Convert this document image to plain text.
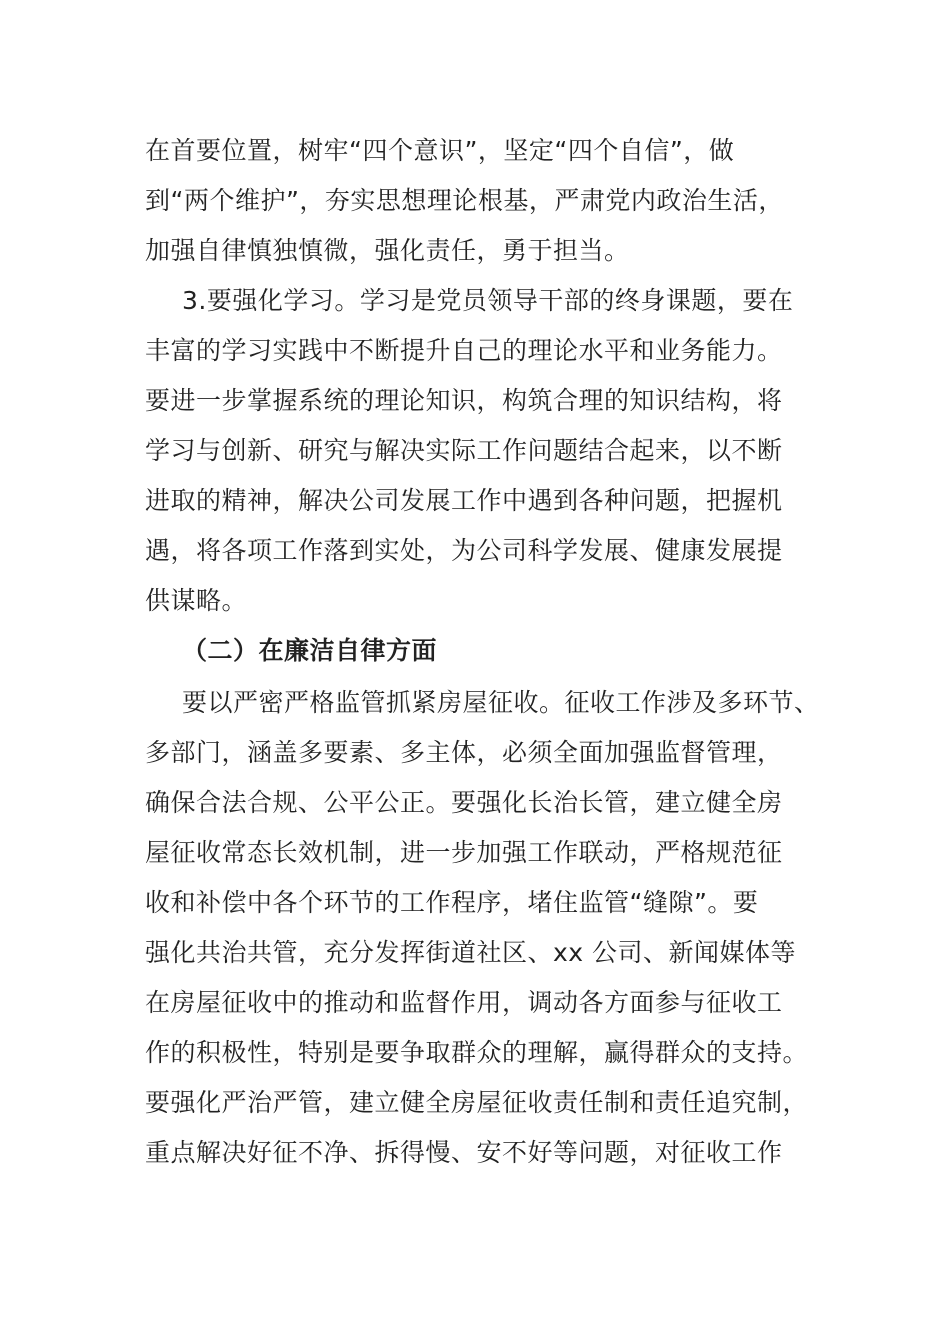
在首要位置，树牢“四个意识”，坚定“四个自信”，做
到“两个维护”，夯实思想理论根基，严肃党内政治生活，
加强自律慎独慎微，强化责任，勇于担当。
3.要强化学习。学习是党员领导干部的终身课题，要在
丰富的学习实践中不断提升自己的理论水平和业务能力。
要进一步掌握系统的理论知识，构筑合理的知识结构，将
学习与创新、研究与解决实际工作问题结合起来，以不断
进取的精神，解决公司发展工作中遇到各种问题，把握机
遇，将各项工作落到实处，为公司科学发展、健康发展提
供谋略。
（二）在廉洁自律方面
要以严密严格监管抓紧房屋征收。征收工作涉及多环节、
多部门，涵盖多要素、多主体，必须全面加强监督管理，
确保合法合规、公平公正。要强化长治长管，建立健全房
屋征收常态长效机制，进一步加强工作联动，严格规范征
收和补偿中各个环节的工作程序，堵住监管“缝隙”。要
强化共治共管，充分发挥街道社区、xx 公司、新闻媒体等
在房屋征收中的推动和监督作用，调动各方面参与征收工
作的积极性，特别是要争取群众的理解，赢得群众的支持。
要强化严治严管，建立健全房屋征收责任制和责任追究制，
重点解决好征不净、拆得慢、安不好等问题，对征收工作
